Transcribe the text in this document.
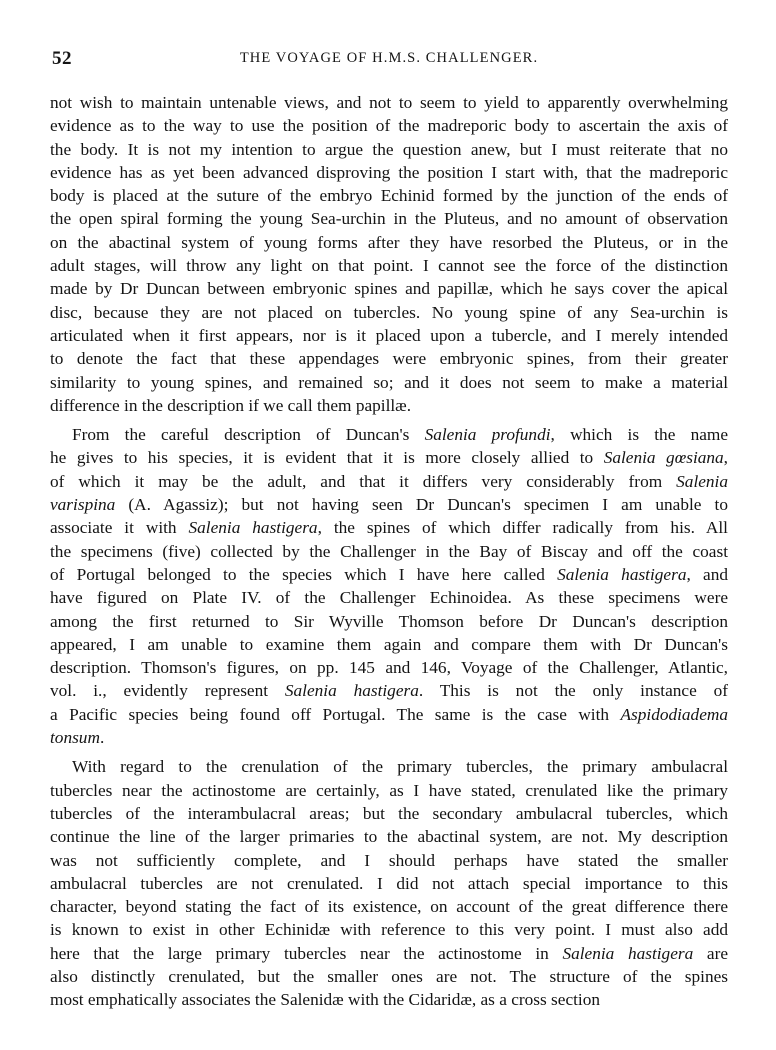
52	THE VOYAGE OF H.M.S. CHALLENGER.

not wish to maintain untenable views, and not to seem to yield to apparently overwhelming
evidence as to the way to use the position of the madreporic body to ascertain the axis of
the body. It is not my intention to argue the question anew, but I must reiterate that no
evidence has as yet been advanced disproving the position I start with, that the madreporic
body is placed at the suture of the embryo Echinid formed by the junction of the ends of
the open spiral forming the young Sea-urchin in the Pluteus, and no amount of observation
on the abactinal system of young forms after they have resorbed the Pluteus, or in the
adult stages, will throw any light on that point. I cannot see the force of the distinction
made by Dr Duncan between embryonic spines and papillæ, which he says cover the apical
disc, because they are not placed on tubercles. No young spine of any Sea-urchin is
articulated when it first appears, nor is it placed upon a tubercle, and I merely intended
to denote the fact that these appendages were embryonic spines, from their greater
similarity to young spines, and remained so; and it does not seem to make a material
difference in the description if we call them papillæ.

From the careful description of Duncan's Salenia profundi, which is the name
he gives to his species, it is evident that it is more closely allied to Salenia gœsiana,
of which it may be the adult, and that it differs very considerably from Salenia
varispina (A. Agassiz); but not having seen Dr Duncan's specimen I am unable to
associate it with Salenia hastigera, the spines of which differ radically from his. All
the specimens (five) collected by the Challenger in the Bay of Biscay and off the coast
of Portugal belonged to the species which I have here called Salenia hastigera, and
have figured on Plate IV. of the Challenger Echinoidea. As these specimens were
among the first returned to Sir Wyville Thomson before Dr Duncan's description
appeared, I am unable to examine them again and compare them with Dr Duncan's
description. Thomson's figures, on pp. 145 and 146, Voyage of the Challenger, Atlantic,
vol. i., evidently represent Salenia hastigera. This is not the only instance of
a Pacific species being found off Portugal. The same is the case with Aspidodiadema
tonsum.

With regard to the crenulation of the primary tubercles, the primary ambulacral
tubercles near the actinostome are certainly, as I have stated, crenulated like the primary
tubercles of the interambulacral areas; but the secondary ambulacral tubercles, which
continue the line of the larger primaries to the abactinal system, are not. My description
was not sufficiently complete, and I should perhaps have stated the smaller
ambulacral tubercles are not crenulated. I did not attach special importance to this
character, beyond stating the fact of its existence, on account of the great difference there
is known to exist in other Echinidæ with reference to this very point. I must also add
here that the large primary tubercles near the actinostome in Salenia hastigera are
also distinctly crenulated, but the smaller ones are not. The structure of the spines
most emphatically associates the Salenidæ with the Cidaridæ, as a cross section
